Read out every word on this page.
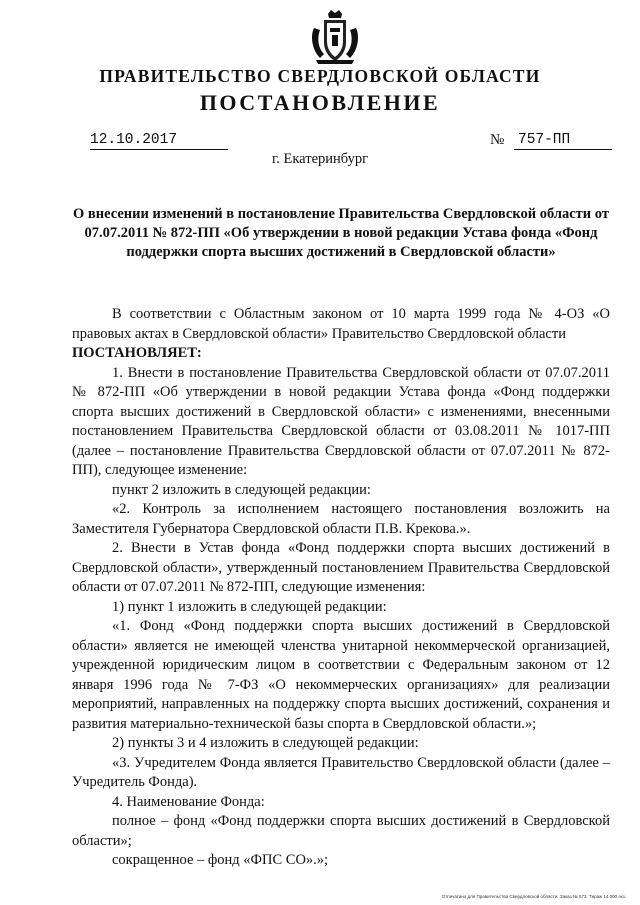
ПРАВИТЕЛЬСТВО СВЕРДЛОВСКОЙ ОБЛАСТИ
ПОСТАНОВЛЕНИЕ
12.10.2017	№ 757-ПП
г. Екатеринбург
О внесении изменений в постановление Правительства Свердловской области от 07.07.2011 № 872-ПП «Об утверждении в новой редакции Устава фонда «Фонд поддержки спорта высших достижений в Свердловской области»

В соответствии с Областным законом от 10 марта 1999 года № 4-ОЗ «О правовых актах в Свердловской области» Правительство Свердловской области

ПОСТАНОВЛЯЕТ:

1. Внести в постановление Правительства Свердловской области от 07.07.2011 № 872-ПП «Об утверждении в новой редакции Устава фонда «Фонд поддержки спорта высших достижений в Свердловской области» с изменениями, внесенными постановлением Правительства Свердловской области от 03.08.2011 № 1017-ПП (далее – постановление Правительства Свердловской области от 07.07.2011 № 872-ПП), следующее изменение:

пункт 2 изложить в следующей редакции:

«2. Контроль за исполнением настоящего постановления возложить на Заместителя Губернатора Свердловской области П.В. Крекова.».

2. Внести в Устав фонда «Фонд поддержки спорта высших достижений в Свердловской области», утвержденный постановлением Правительства Свердловской области от 07.07.2011 № 872-ПП, следующие изменения:

1) пункт 1 изложить в следующей редакции:

«1. Фонд «Фонд поддержки спорта высших достижений в Свердловской области» является не имеющей членства унитарной некоммерческой организацией, учрежденной юридическим лицом в соответствии с Федеральным законом от 12 января 1996 года № 7-ФЗ «О некоммерческих организациях» для реализации мероприятий, направленных на поддержку спорта высших достижений, сохранения и развития материально-технической базы спорта в Свердловской области.»;

2) пункты 3 и 4 изложить в следующей редакции:

«3. Учредителем Фонда является Правительство Свердловской области (далее – Учредитель Фонда).

4. Наименование Фонда:

полное – фонд «Фонд поддержки спорта высших достижений в Свердловской области»;

сокращенное – фонд «ФПС СО».»;

Отпечатано для Правительства Свердловской области. Заказ № 573. Тираж 14 000 экз.
